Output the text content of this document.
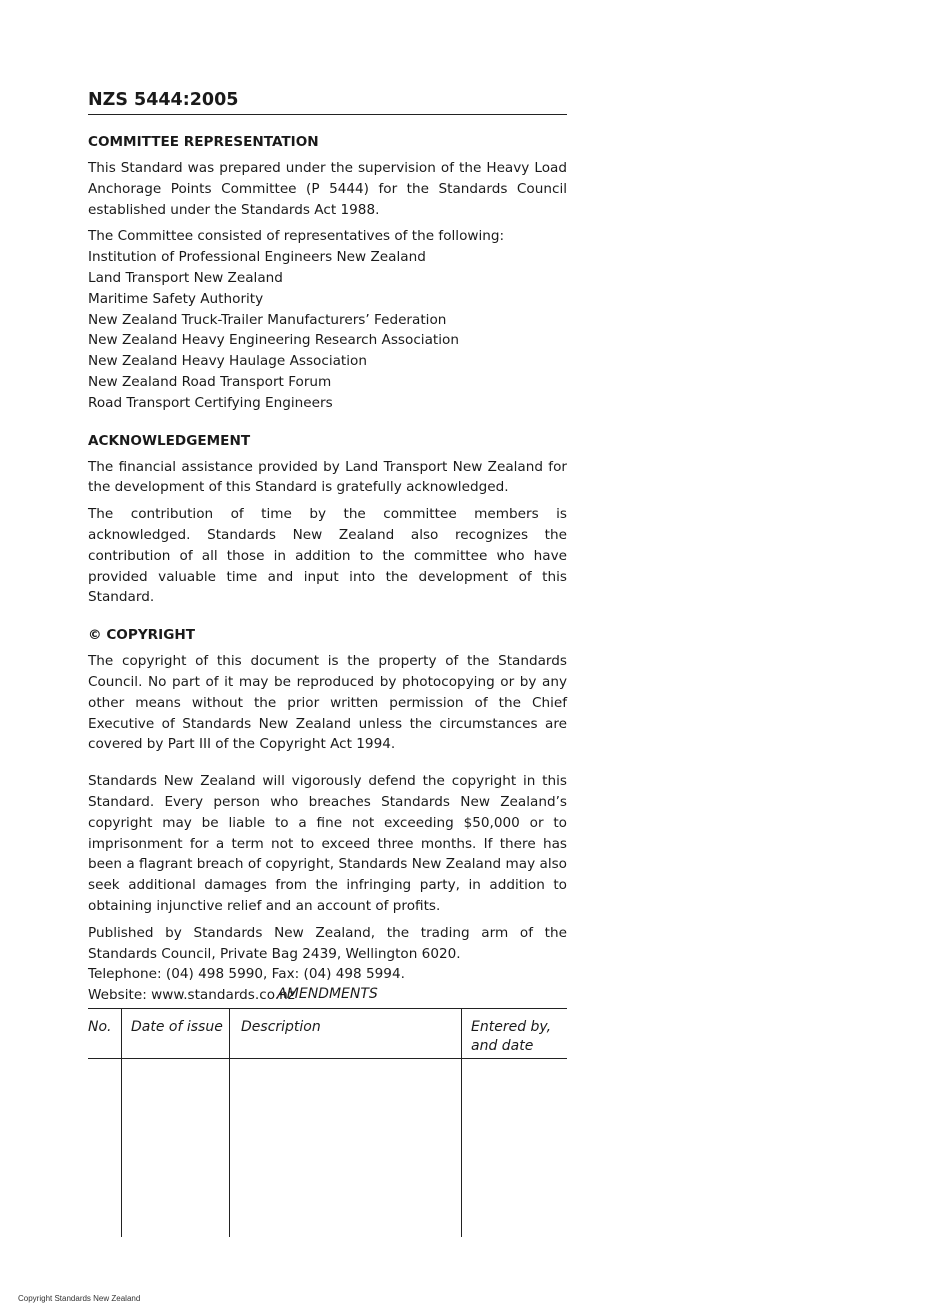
NZS 5444:2005
COMMITTEE REPRESENTATION

This Standard was prepared under the supervision of the Heavy Load Anchorage Points Committee (P 5444) for the Standards Council established under the Standards Act 1988.

The Committee consisted of representatives of the following:

Institution of Professional Engineers New Zealand
Land Transport New Zealand
Maritime Safety Authority
New Zealand Truck-Trailer Manufacturers’ Federation
New Zealand Heavy Engineering Research Association
New Zealand Heavy Haulage Association
New Zealand Road Transport Forum
Road Transport Certifying Engineers
ACKNOWLEDGEMENT

The financial assistance provided by Land Transport New Zealand for the development of this Standard is gratefully acknowledged.

The contribution of time by the committee members is acknowledged. Standards New Zealand also recognizes the contribution of all those in addition to the committee who have provided valuable time and input into the development of this Standard.

© COPYRIGHT

The copyright of this document is the property of the Standards Council. No part of it may be reproduced by photocopying or by any other means without the prior written permission of the Chief Executive of Standards New Zealand unless the circumstances are covered by Part III of the Copyright Act 1994.

Standards New Zealand will vigorously defend the copyright in this Standard. Every person who breaches Standards New Zealand’s copyright may be liable to a fine not exceeding $50,000 or to imprisonment for a term not to exceed three months. If there has been a flagrant breach of copyright, Standards New Zealand may also seek additional damages from the infringing party, in addition to obtaining injunctive relief and an account of profits.

Published by Standards New Zealand, the trading arm of the Standards Council, Private Bag 2439, Wellington 6020.

Telephone: (04) 498 5990, Fax: (04) 498 5994.
Website: www.standards.co.nz
AMENDMENTS
No. Date of issue Description	Entered by, and date
Copyright Standards New Zealand
